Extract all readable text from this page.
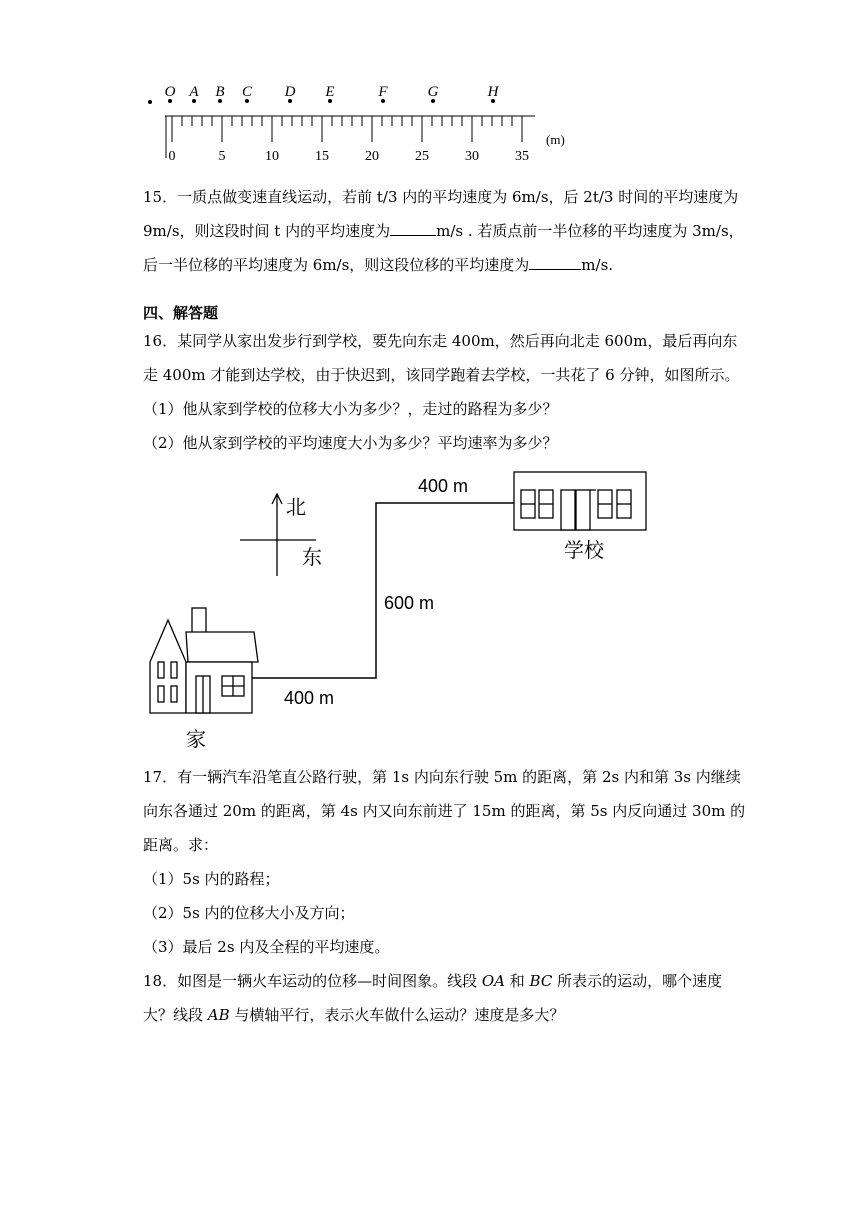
O A B C D E	F	G	H
0	5	10	15	20	25	30	35
(m)
15．一质点做变速直线运动，若前 t/3 内的平均速度为 6m/s，后 2t/3 时间的平均速度为
9m/s，则这段时间 t 内的平均速度为	m/s . 若质点前一半位移的平均速度为 3m/s，
后一半位移的平均速度为 6m/s，则这段位移的平均速度为	m/s.
四、解答题
16．某同学从家出发步行到学校，要先向东走 400m，然后再向北走 600m，最后再向东
走 400m 才能到达学校，由于快迟到，该同学跑着去学校，一共花了 6 分钟，如图所示。
（1）他从家到学校的位移大小为多少？，走过的路程为多少？
（2）他从家到学校的平均速度大小为多少？平均速率为多少？
北
东
400 m
600 m
400 m
学校
家
17．有一辆汽车沿笔直公路行驶，第 1s 内向东行驶 5m 的距离，第 2s 内和第 3s 内继续
向东各通过 20m 的距离，第 4s 内又向东前进了 15m 的距离，第 5s 内反向通过 30m 的
距离。求：
（1）5s 内的路程；
（2）5s 内的位移大小及方向；
（3）最后 2s 内及全程的平均速度。
18．如图是一辆火车运动的位移—时间图象。线段 OA 和 BC 所表示的运动，哪个速度
大？线段 AB 与横轴平行，表示火车做什么运动？速度是多大？
